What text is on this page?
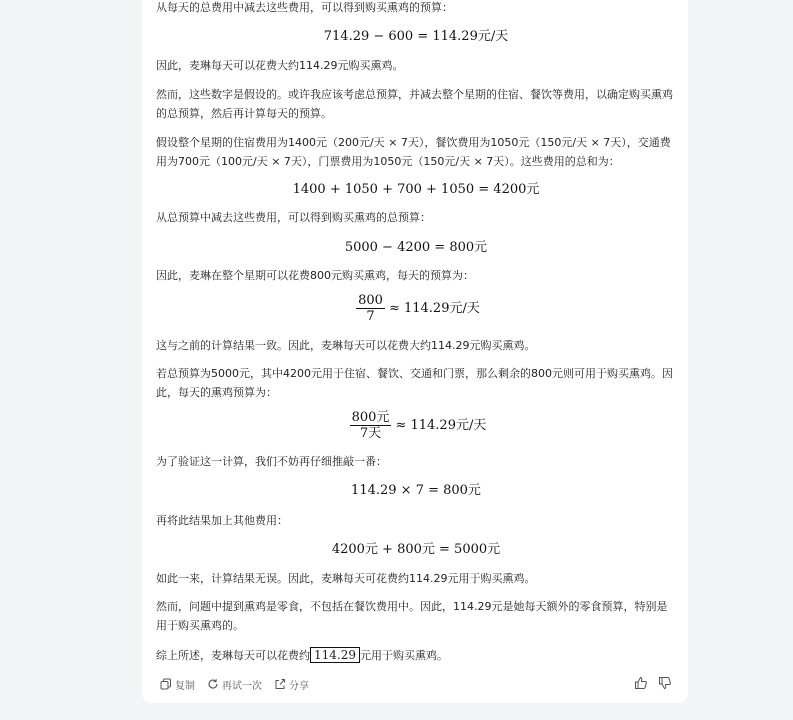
从每天的总费用中减去这些费用，可以得到购买熏鸡的预算：

714.29 − 600 = 114.29元/天

因此，麦琳每天可以花费大约114.29元购买熏鸡。

然而，这些数字是假设的。或许我应该考虑总预算，并减去整个星期的住宿、餐饮等费用，以确定购买熏鸡的总预算，然后再计算每天的预算。

假设整个星期的住宿费用为1400元（200元/天 × 7天），餐饮费用为1050元（150元/天 × 7天），交通费用为700元（100元/天 × 7天），门票费用为1050元（150元/天 × 7天）。这些费用的总和为：

1400 + 1050 + 700 + 1050 = 4200元

从总预算中减去这些费用，可以得到购买熏鸡的总预算：

5000 − 4200 = 800元

因此，麦琳在整个星期可以花费800元购买熏鸡，每天的预算为：

$\frac{800}{7} \approx 114.29$元/天

这与之前的计算结果一致。因此，麦琳每天可以花费大约114.29元购买熏鸡。

若总预算为5000元，其中4200元用于住宿、餐饮、交通和门票，那么剩余的800元则可用于购买熏鸡。因此，每天的熏鸡预算为：

$\frac{\text{800元}}{\text{7天}} \approx 114.29$元/天

为了验证这一计算，我们不妨再仔细推敲一番：

114.29 × 7 = 800元

再将此结果加上其他费用：

4200元 + 800元 = 5000元

如此一来，计算结果无误。因此，麦琳每天可花费约114.29元用于购买熏鸡。

然而，问题中提到熏鸡是零食，不包括在餐饮费用中。因此，114.29元是她每天额外的零食预算，特别是用于购买熏鸡的。

综上所述，麦琳每天可以花费约 114.29 元用于购买熏鸡。

复制	再试一次	分享
